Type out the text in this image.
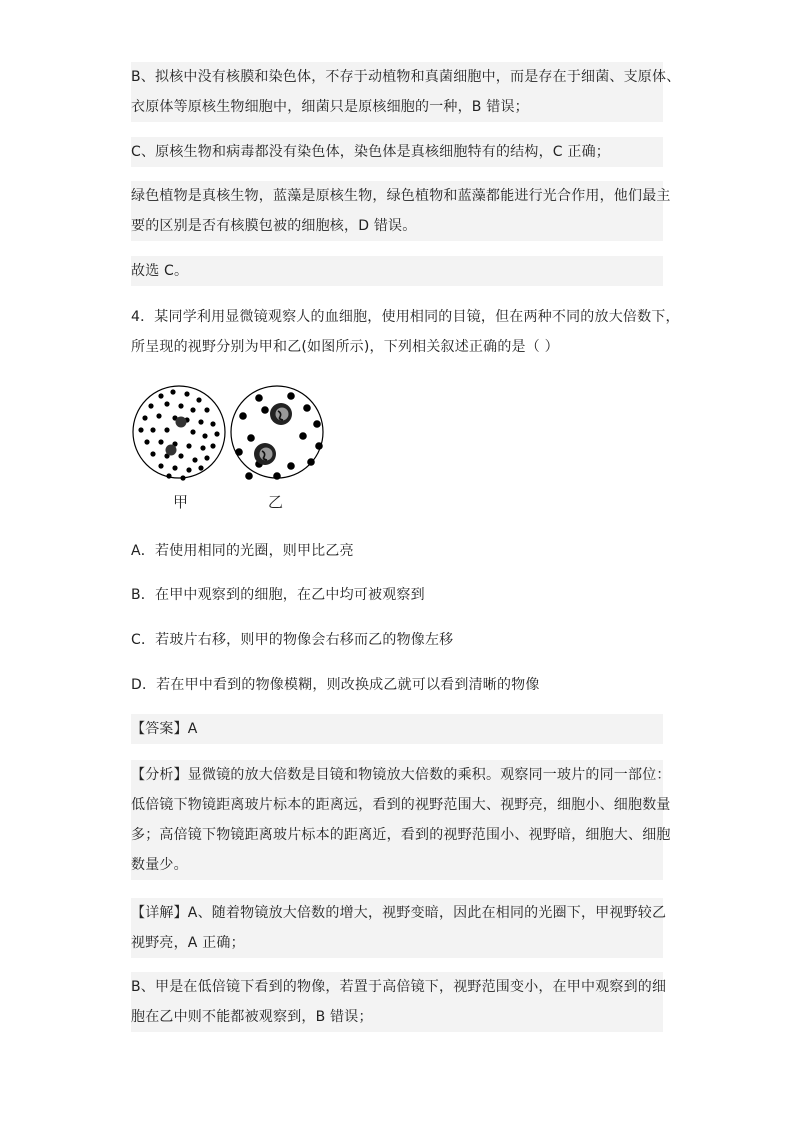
B、拟核中没有核膜和染色体，不存于动植物和真菌细胞中，而是存在于细菌、支原体、
衣原体等原核生物细胞中，细菌只是原核细胞的一种，B 错误；
C、原核生物和病毒都没有染色体，染色体是真核细胞特有的结构，C 正确；
绿色植物是真核生物，蓝藻是原核生物，绿色植物和蓝藻都能进行光合作用，他们最主
要的区别是否有核膜包被的细胞核，D 错误。
故选 C。
4．某同学利用显微镜观察人的血细胞，使用相同的目镜，但在两种不同的放大倍数下，
所呈现的视野分别为甲和乙(如图所示)，下列相关叙述正确的是（ ）
甲	乙
A．若使用相同的光圈，则甲比乙亮
B．在甲中观察到的细胞，在乙中均可被观察到
C．若玻片右移，则甲的物像会右移而乙的物像左移
D．若在甲中看到的物像模糊，则改换成乙就可以看到清晰的物像
【答案】A
【分析】显微镜的放大倍数是目镜和物镜放大倍数的乘积。观察同一玻片的同一部位：
低倍镜下物镜距离玻片标本的距离远，看到的视野范围大、视野亮，细胞小、细胞数量
多；高倍镜下物镜距离玻片标本的距离近，看到的视野范围小、视野暗，细胞大、细胞
数量少。
【详解】A、随着物镜放大倍数的增大，视野变暗，因此在相同的光圈下，甲视野较乙
视野亮，A 正确；
B、甲是在低倍镜下看到的物像，若置于高倍镜下，视野范围变小，在甲中观察到的细
胞在乙中则不能都被观察到，B 错误；
